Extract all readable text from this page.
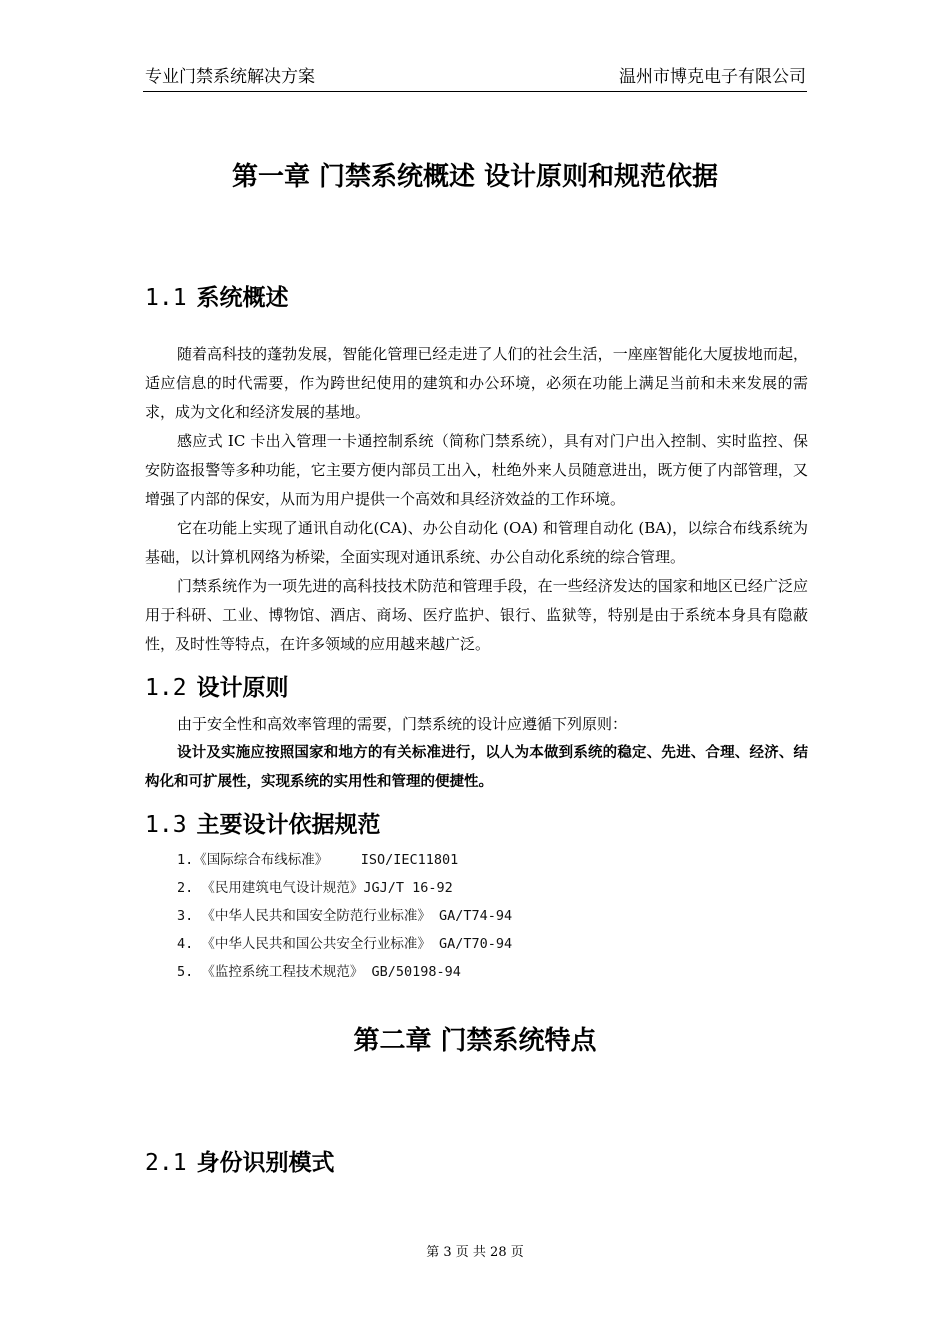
专业门禁系统解决方案	温州市博克电子有限公司
第一章 门禁系统概述 设计原则和规范依据
1.1 系统概述

随着高科技的蓬勃发展，智能化管理已经走进了人们的社会生活，一座座智能化大厦拔地而起，适应信息的时代需要，作为跨世纪使用的建筑和办公环境，必须在功能上满足当前和未来发展的需求，成为文化和经济发展的基地。

感应式 IC 卡出入管理一卡通控制系统（简称门禁系统），具有对门户出入控制、实时监控、保安防盗报警等多种功能，它主要方便内部员工出入，杜绝外来人员随意进出，既方便了内部管理，又增强了内部的保安，从而为用户提供一个高效和具经济效益的工作环境。

它在功能上实现了通讯自动化(CA)、办公自动化 (OA) 和管理自动化 (BA)，以综合布线系统为基础，以计算机网络为桥梁，全面实现对通讯系统、办公自动化系统的综合管理。

门禁系统作为一项先进的高科技技术防范和管理手段，在一些经济发达的国家和地区已经广泛应用于科研、工业、博物馆、酒店、商场、医疗监护、银行、监狱等，特别是由于系统本身具有隐蔽性，及时性等特点，在许多领域的应用越来越广泛。

1.2 设计原则

由于安全性和高效率管理的需要，门禁系统的设计应遵循下列原则：

设计及实施应按照国家和地方的有关标准进行，以人为本做到系统的稳定、先进、合理、经济、结构化和可扩展性，实现系统的实用性和管理的便捷性。

1.3 主要设计依据规范
1.《国际综合布线标准》    ISO/IEC11801
2. 《民用建筑电气设计规范》JGJ/T 16-92
3. 《中华人民共和国安全防范行业标准》 GA/T74-94
4. 《中华人民共和国公共安全行业标准》 GA/T70-94
5. 《监控系统工程技术规范》 GB/50198-94
第二章 门禁系统特点
2.1 身份识别模式
第 3 页 共 28 页
